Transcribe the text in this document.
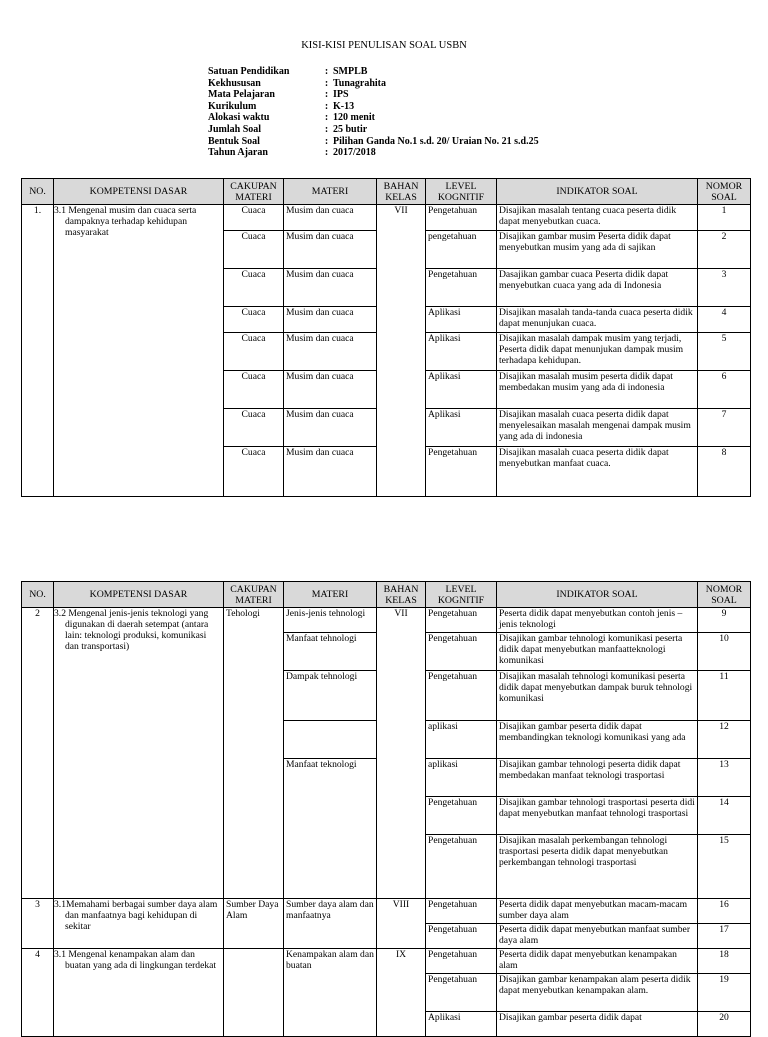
KISI-KISI PENULISAN SOAL USBN
Satuan Pendidikan	: SMPLB
Kekhususan	: Tunagrahita
Mata Pelajaran	: IPS
Kurikulum	: K-13
Alokasi waktu	: 120 menit
Jumlah Soal	: 25 butir
Bentuk Soal	: Pilihan Ganda No.1 s.d. 20/ Uraian No. 21 s.d.25
Tahun Ajaran	: 2017/2018
NO.	KOMPETENSI DASAR	CAKUPAN MATERI	MATERI	BAHAN KELAS	LEVEL KOGNITIF	INDIKATOR SOAL	NOMOR SOAL
1.	3.1 Mengenal musim dan cuaca serta dampaknya terhadap kehidupan masyarakat	Cuaca	Musim dan cuaca	VII	Pengetahuan	Disajikan masalah tentang cuaca peserta didik dapat menyebutkan cuaca.	1
		Cuaca	Musim dan cuaca		pengetahuan	Disajikan gambar musim Peserta didik dapat menyebutkan musim yang ada di sajikan	2
		Cuaca	Musim dan cuaca		Pengetahuan	Dasajikan gambar cuaca Peserta didik dapat menyebutkan cuaca yang ada di Indonesia	3
		Cuaca	Musim dan cuaca		Aplikasi	Disajikan masalah tanda-tanda cuaca peserta didik dapat menunjukan cuaca.	4
		Cuaca	Musim dan cuaca		Aplikasi	Disajikan masalah dampak musim yang terjadi, Peserta didik dapat menunjukan dampak musim terhadapa kehidupan.	5
		Cuaca	Musim dan cuaca		Aplikasi	Disajikan masalah musim peserta didik dapat membedakan musim yang ada di indonesia	6
		Cuaca	Musim dan cuaca		Aplikasi	Disajikan masalah cuaca peserta didik dapat menyelesaikan masalah mengenai dampak musim yang ada di indonesia	7
		Cuaca	Musim dan cuaca		Pengetahuan	Disajikan masalah cuaca peserta didik dapat menyebutkan manfaat cuaca.	8
NO.	KOMPETENSI DASAR	CAKUPAN MATERI	MATERI	BAHAN KELAS	LEVEL KOGNITIF	INDIKATOR SOAL	NOMOR SOAL
2	3.2 Mengenal jenis-jenis teknologi yang digunakan di daerah setempat (antara lain: teknologi produksi, komunikasi dan transportasi)	Tehologi	Jenis-jenis tehnologi	VII	Pengetahuan	Peserta didik dapat menyebutkan contoh jenis – jenis teknologi	9
			Manfaat tehnologi		Pengetahuan	Disajikan gambar tehnologi komunikasi peserta didik dapat menyebutkan manfaatteknologi komunikasi	10
			Dampak tehnologi		Pengetahuan	Disajikan masalah tehnologi komunikasi peserta didik dapat menyebutkan dampak buruk tehnologi komunikasi	11
					aplikasi	Disajikan gambar peserta didik dapat membandingkan teknologi komunikasi yang ada	12
			Manfaat teknologi		aplikasi	Disajikan gambar tehnologi peserta didik dapat membedakan manfaat teknologi trasportasi	13
					Pengetahuan	Disajikan gambar tehnologi trasportasi peserta didi dapat menyebutkan manfaat tehnologi trasportasi	14
					Pengetahuan	Disajikan masalah perkembangan tehnologi trasportasi peserta didik dapat menyebutkan perkembangan tehnologi trasportasi	15
3	3.1Memahami berbagai sumber daya alam dan manfaatnya bagi kehidupan di sekitar	Sumber Daya Alam	Sumber daya alam dan manfaatnya	VIII	Pengetahuan	Peserta didik dapat menyebutkan macam-macam sumber daya alam	16
					Pengetahuan	Peserta didik dapat menyebutkan manfaat sumber daya alam	17
4	3.1 Mengenal kenampakan alam dan buatan yang ada di lingkungan terdekat		Kenampakan alam dan buatan	IX	Pengetahuan	Peserta didik dapat menyebutkan kenampakan alam	18
					Pengetahuan	Disajikan gambar kenampakan alam peserta didik dapat menyebutkan kenampakan alam.	19
					Aplikasi	Disajikan gambar peserta didik dapat	20
